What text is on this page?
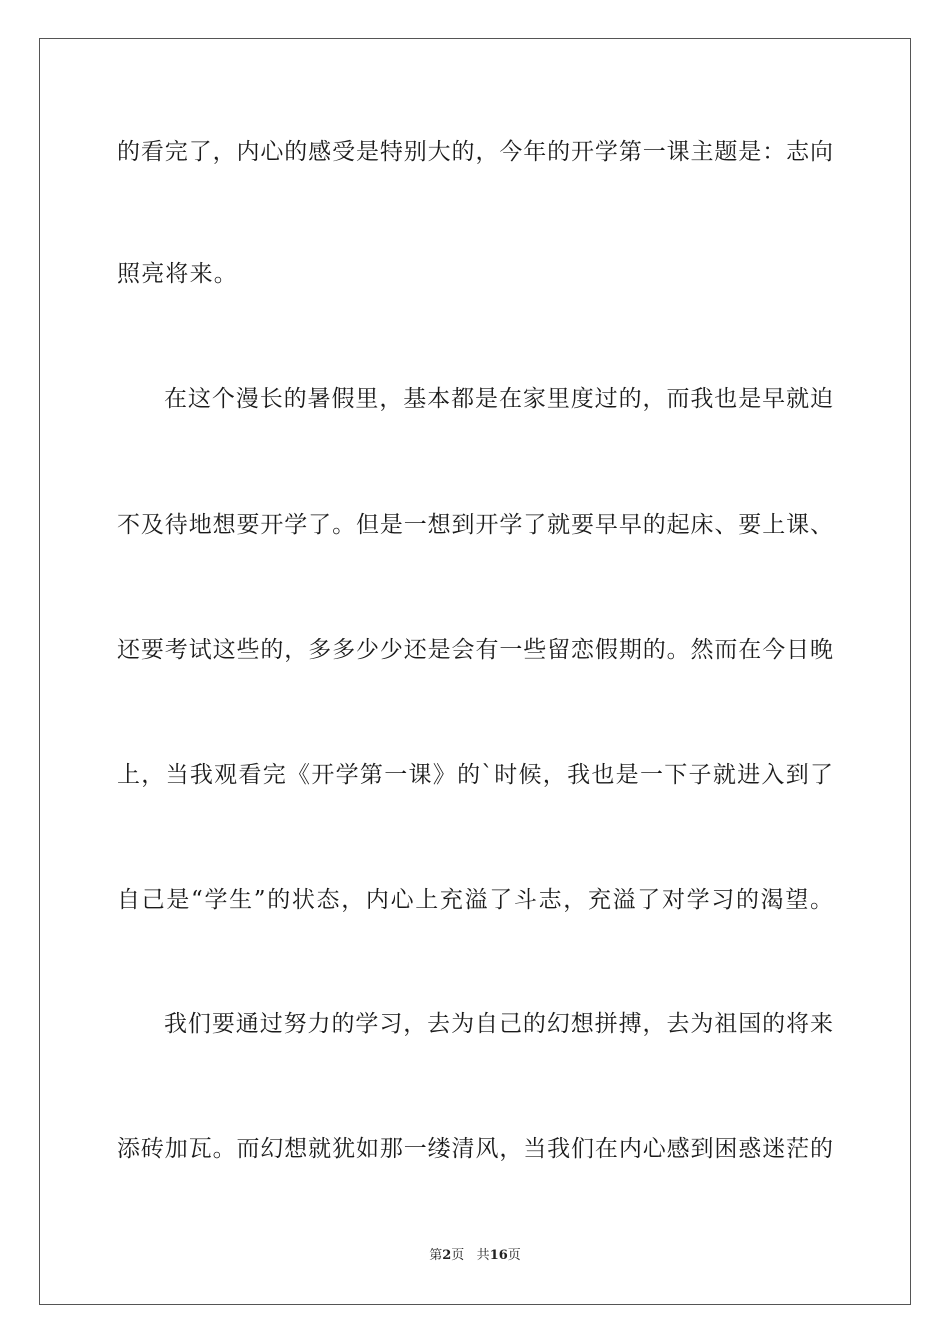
的看完了，内心的感受是特别大的，今年的开学第一课主题是：志向
照亮将来。
在这个漫长的暑假里，基本都是在家里度过的，而我也是早就迫
不及待地想要开学了。但是一想到开学了就要早早的起床、要上课、
还要考试这些的，多多少少还是会有一些留恋假期的。然而在今日晚
上，当我观看完《开学第一课》的`时候，我也是一下子就进入到了
自己是“学生”的状态，内心上充溢了斗志，充溢了对学习的渴望。
我们要通过努力的学习，去为自己的幻想拼搏，去为祖国的将来
添砖加瓦。而幻想就犹如那一缕清风，当我们在内心感到困惑迷茫的
第2页 共16页
